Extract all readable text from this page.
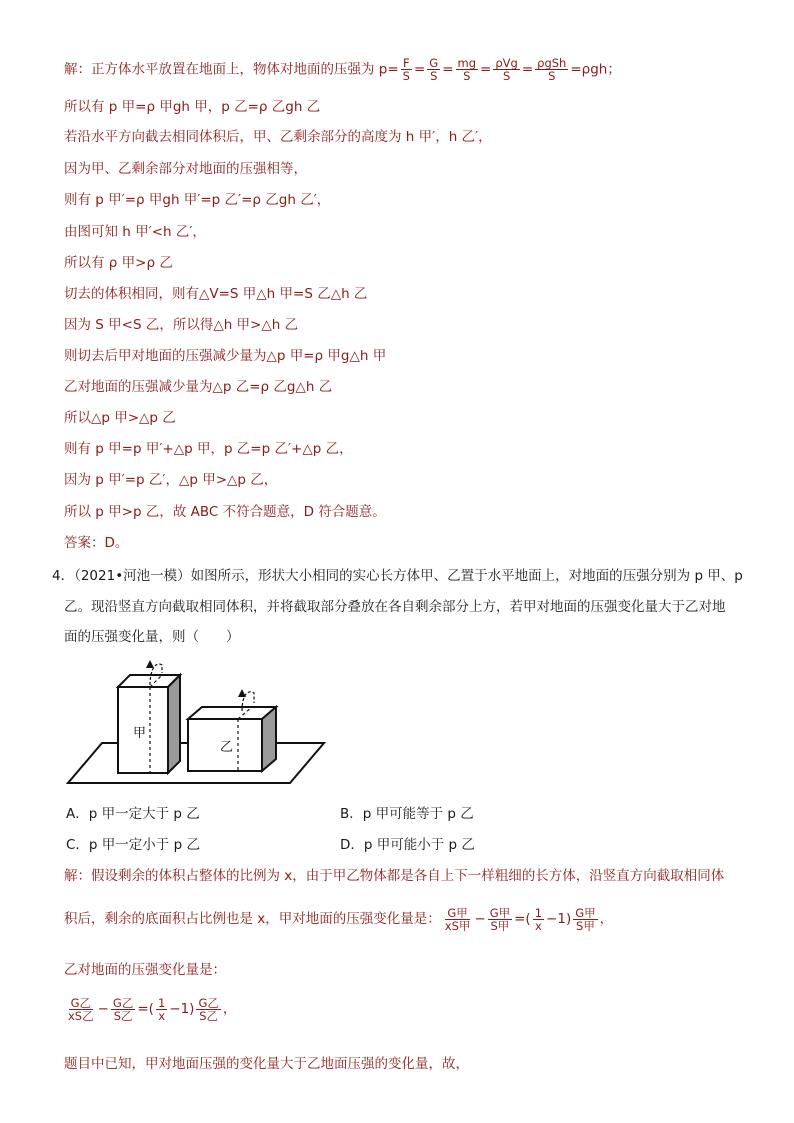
解：正方体水平放置在地面上，物体对地面的压强为 $p= \frac{F}{S} = \frac{G}{S} = \frac{mg}{S} = \frac{\text{ρVg}}{S} = \frac{\text{ρgSh}}{S} =\rho gh$；
所以有 p 甲=ρ 甲gh 甲，p 乙=ρ 乙gh 乙
若沿水平方向截去相同体积后，甲、乙剩余部分的高度为 h 甲′，h 乙′，
因为甲、乙剩余部分对地面的压强相等，
则有 p 甲′=ρ 甲gh 甲′=p 乙′=ρ 乙gh 乙′，
由图可知 h 甲′<h 乙′，
所以有 ρ 甲>ρ 乙
切去的体积相同，则有△V=S 甲△h 甲=S 乙△h 乙
因为 S 甲<S 乙，所以得△h 甲>△h 乙
则切去后甲对地面的压强减少量为△p 甲=ρ 甲g△h 甲
乙对地面的压强减少量为△p 乙=ρ 乙g△h 乙
所以△p 甲>△p 乙
则有 p 甲=p 甲′+△p 甲，p 乙=p 乙′+△p 乙，
因为 p 甲′=p 乙′，△p 甲>△p 乙，
所以 p 甲>p 乙，故 ABC 不符合题意，D 符合题意。
答案：D。
4．（2021•河池一模）如图所示，形状大小相同的实心长方体甲、乙置于水平地面上，对地面的压强分别为 p 甲、p
乙。现沿竖直方向截取相同体积，并将截取部分叠放在各自剩余部分上方，若甲对地面的压强变化量大于乙对地
面的压强变化量，则（　　）
甲
乙
A．p 甲一定大于 p 乙	B．p 甲可能等于 p 乙
C．p 甲一定小于 p 乙	D．p 甲可能小于 p 乙
解：假设剩余的体积占整体的比例为 x，由于甲乙物体都是各自上下一样粗细的长方体，沿竖直方向截取相同体
积后，剩余的底面积占比例也是 x，甲对地面的压强变化量是： $\frac{\text{G甲}}{\text{xS甲}} - \frac{\text{G甲}}{\text{S甲}}$ =( $\frac{1}{x} -1) \frac{\text{G甲}}{\text{S甲}}$ ，
乙对地面的压强变化量是：
$\frac{\text{G乙}}{\text{xS乙}} - \frac{\text{G乙}}{\text{S乙}}$ =( $\frac{1}{x} -1) \frac{\text{G乙}}{\text{S乙}}$ ，
题目中已知，甲对地面压强的变化量大于乙地面压强的变化量，故，
